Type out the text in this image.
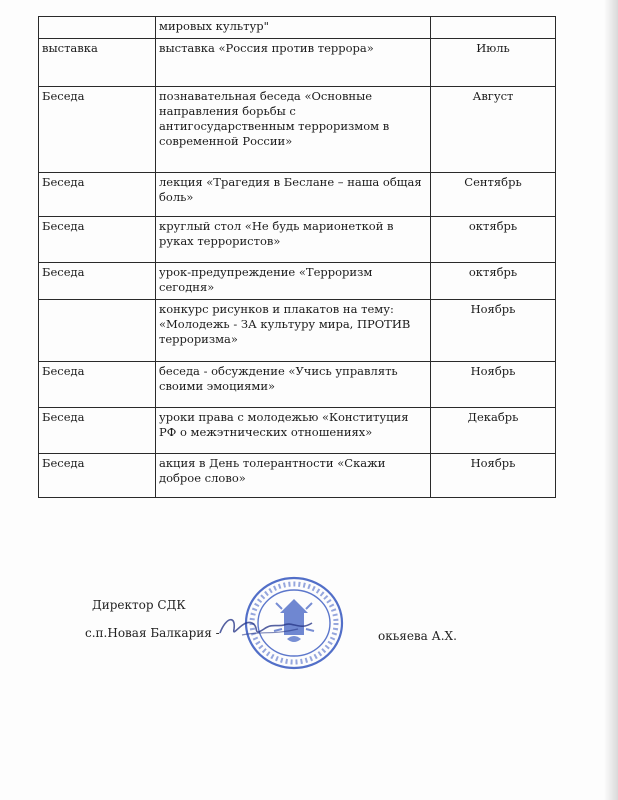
	мировых культур"	
выставка	выставка «Россия против террора»	Июль
Беседа	познавательная беседа «Основные направления борьбы с антигосударственным терроризмом в современной России»	Август
Беседа	лекция «Трагедия в Беслане – наша общая боль»	Сентябрь
Беседа	круглый стол «Не будь марионеткой в руках террористов»	октябрь
Беседа	урок-предупреждение «Терроризм сегодня»	октябрь
	конкурс рисунков и плакатов на тему: «Молодежь - ЗА культуру мира, ПРОТИВ терроризма»	Ноябрь
Беседа	беседа - обсуждение «Учись управлять своими эмоциями»	Ноябрь
Беседа	уроки права с молодежью «Конституция РФ о межэтнических отношениях»	Декабрь
Беседа	акция в День толерантности «Скажи доброе слово»	Ноябрь
Директор СДК
с.п.Новая Балкария -	окьяева А.Х.
